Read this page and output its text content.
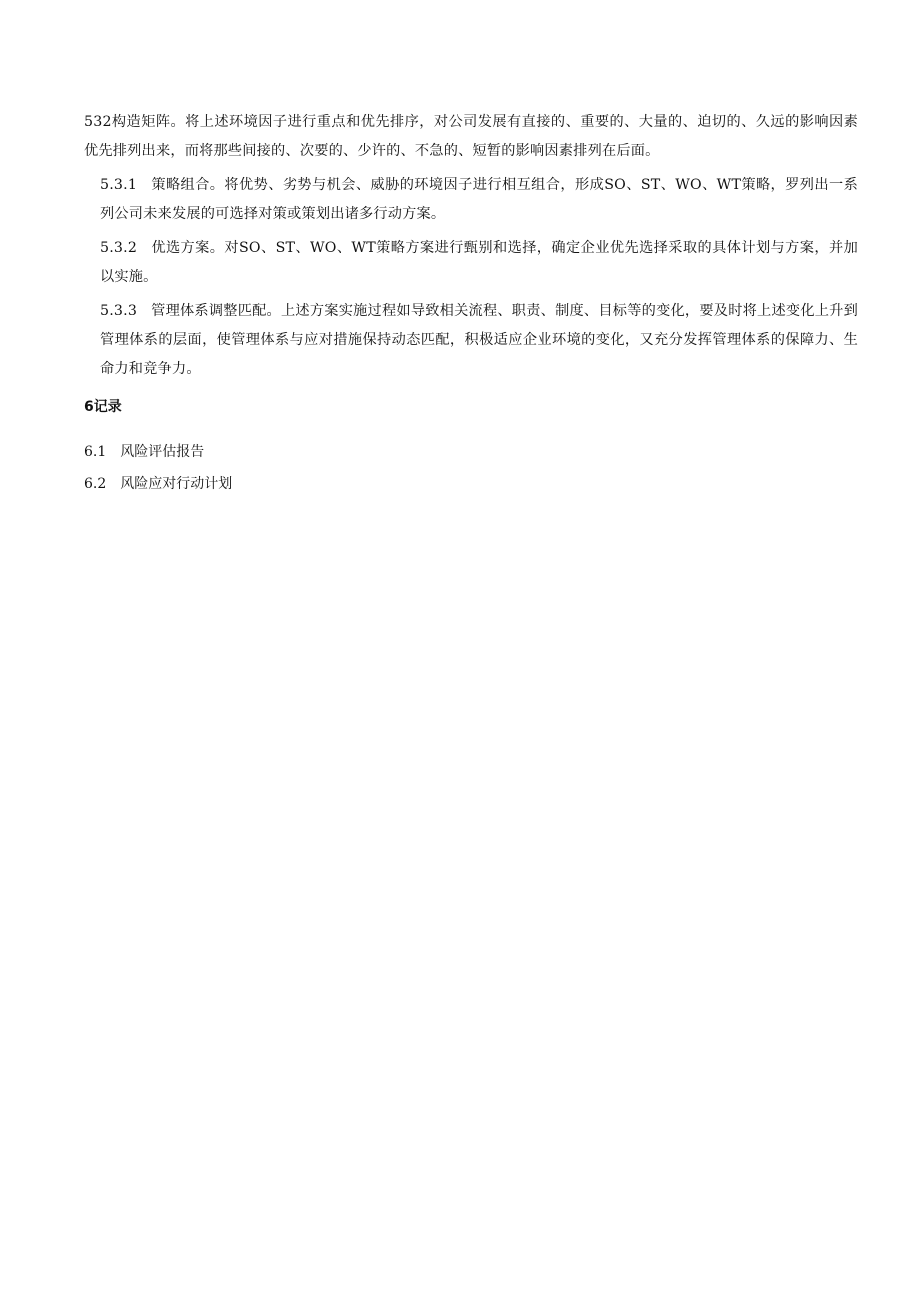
532构造矩阵。将上述环境因子进行重点和优先排序，对公司发展有直接的、重要的、大量的、迫切的、久远的影响因素优先排列出来，而将那些间接的、次要的、少许的、不急的、短暂的影响因素排列在后面。
5.3.1 策略组合。将优势、劣势与机会、威胁的环境因子进行相互组合，形成SO、ST、WO、WT策略，罗列出一系列公司未来发展的可选择对策或策划出诸多行动方案。
5.3.2 优选方案。对SO、ST、WO、WT策略方案进行甄别和选择，确定企业优先选择采取的具体计划与方案，并加以实施。
5.3.3 管理体系调整匹配。上述方案实施过程如导致相关流程、职责、制度、目标等的变化，要及时将上述变化上升到管理体系的层面，使管理体系与应对措施保持动态匹配，积极适应企业环境的变化，又充分发挥管理体系的保障力、生命力和竞争力。
6记录
6.1 风险评估报告
6.2 风险应对行动计划
